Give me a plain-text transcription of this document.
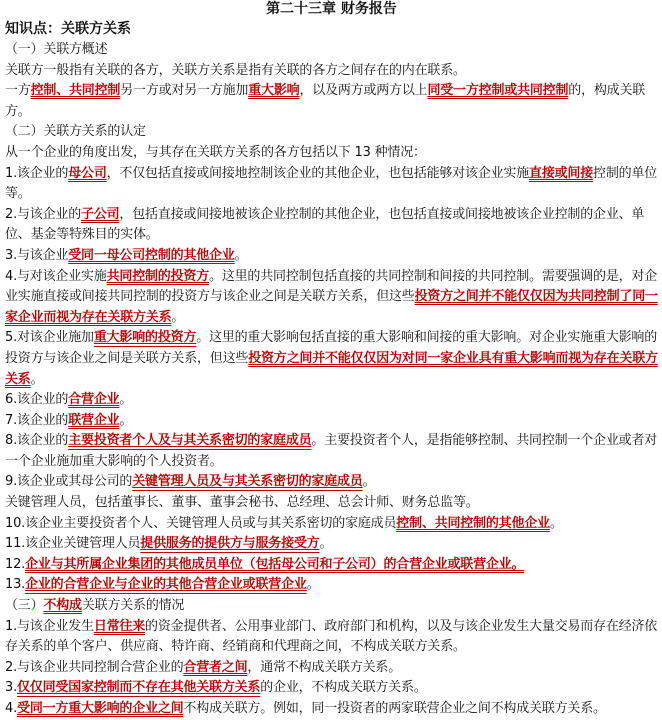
第二十三章 财务报告
知识点：关联方关系
（一）关联方概述
关联方一般指有关联的各方，关联方关系是指有关联的各方之间存在的内在联系。
一方控制、共同控制另一方或对另一方施加重大影响，以及两方或两方以上同受一方控制或共同控制的，构成关联方。
（二）关联方关系的认定
从一个企业的角度出发，与其存在关联方关系的各方包括以下 13 种情况：
1.该企业的母公司，不仅包括直接或间接地控制该企业的其他企业，也包括能够对该企业实施直接或间接控制的单位等。
2.与该企业的子公司，包括直接或间接地被该企业控制的其他企业，也包括直接或间接地被该企业控制的企业、单位、基金等特殊目的实体。
3.与该企业受同一母公司控制的其他企业。
4.与对该企业实施共同控制的投资方。这里的共同控制包括直接的共同控制和间接的共同控制。需要强调的是，对企业实施直接或间接共同控制的投资方与该企业之间是关联方关系，但这些投资方之间并不能仅仅因为共同控制了同一家企业而视为存在关联方关系。
5.对该企业施加重大影响的投资方。这里的重大影响包括直接的重大影响和间接的重大影响。对企业实施重大影响的投资方与该企业之间是关联方关系，但这些投资方之间并不能仅仅因为对同一家企业具有重大影响而视为存在关联方关系。
6.该企业的合营企业。
7.该企业的联营企业。
8.该企业的主要投资者个人及与其关系密切的家庭成员。主要投资者个人，是指能够控制、共同控制一个企业或者对一个企业施加重大影响的个人投资者。
9.该企业或其母公司的关键管理人员及与其关系密切的家庭成员。
关键管理人员，包括董事长、董事、董事会秘书、总经理、总会计师、财务总监等。
10.该企业主要投资者个人、关键管理人员或与其关系密切的家庭成员控制、共同控制的其他企业。
11.该企业关键管理人员提供服务的提供方与服务接受方。
12.企业与其所属企业集团的其他成员单位（包括母公司和子公司）的合营企业或联营企业。
13.企业的合营企业与企业的其他合营企业或联营企业。
（三）不构成关联方关系的情况
1.与该企业发生日常往来的资金提供者、公用事业部门、政府部门和机构，以及与该企业发生大量交易而存在经济依存关系的单个客户、供应商、特许商、经销商和代理商之间，不构成关联方关系。
2.与该企业共同控制合营企业的合营者之间，通常不构成关联方关系。
3.仅仅同受国家控制而不存在其他关联方关系的企业，不构成关联方关系。
4.受同一方重大影响的企业之间不构成关联方。例如，同一投资者的两家联营企业之间不构成关联方关系。
